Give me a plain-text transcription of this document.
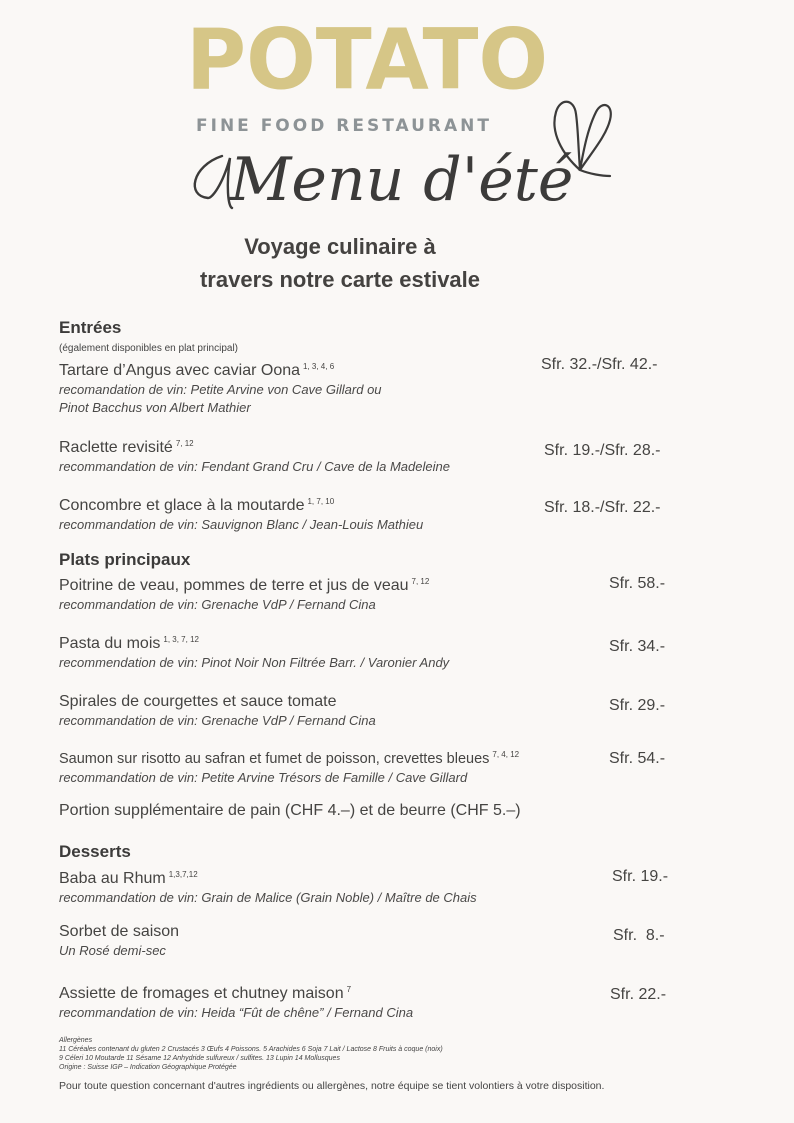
POTATO
FINE FOOD RESTAURANT
Menu d'été
Voyage culinaire à
travers notre carte estivale
Entrées
(également disponibles en plat principal)
Tartare d’Angus avec caviar Oona $^{1, 3, 4, 6}$
recomandation de vin: Petite Arvine von Cave Gillard ou
Pinot Bacchus von Albert Mathier
Sfr. 32.-/Sfr. 42.-
Raclette revisité $^{7, 12}$
recommandation de vin: Fendant Grand Cru / Cave de la Madeleine
Sfr. 19.-/Sfr. 28.-
Concombre et glace à la moutarde $^{1, 7, 10}$
recommandation de vin: Sauvignon Blanc / Jean-Louis Mathieu
Sfr. 18.-/Sfr. 22.-
Plats principaux
Poitrine de veau, pommes de terre et jus de veau $^{7, 12}$
recommandation de vin: Grenache VdP / Fernand Cina
Sfr. 58.-
Pasta du mois $^{1, 3, 7, 12}$
recommendation de vin: Pinot Noir Non Filtrée Barr. / Varonier Andy
Sfr. 34.-
Spirales de courgettes et sauce tomate
recommandation de vin: Grenache VdP / Fernand Cina
Sfr. 29.-
Saumon sur risotto au safran et fumet de poisson, crevettes bleues $^{7, 4, 12}$
recommandation de vin: Petite Arvine Trésors de Famille / Cave Gillard
Sfr. 54.-
Portion supplémentaire de pain (CHF 4.–) et de beurre (CHF 5.–)
Desserts
Baba au Rhum $^{1,3,7,12}$
recommandation de vin: Grain de Malice (Grain Noble) / Maître de Chais
Sfr. 19.-
Sorbet de saison
Un Rosé demi-sec
Sfr.  8.-
Assiette de fromages et chutney maison $^7$
recommandation de vin: Heida “Fût de chêne” / Fernand Cina
Sfr. 22.-
Allergènes
11 Céréales contenant du gluten 2 Crustacés 3 Œufs 4 Poissons. 5 Arachides 6 Soja 7 Lait / Lactose 8 Fruits à coque (noix)
9 Céleri 10 Moutarde 11 Sésame 12 Anhydride sulfureux / sulfites. 13 Lupin 14 Mollusques
Origine : Suisse IGP – Indication Géographique Protégée
Pour toute question concernant d'autres ingrédients ou allergènes, notre équipe se tient volontiers à votre disposition.
